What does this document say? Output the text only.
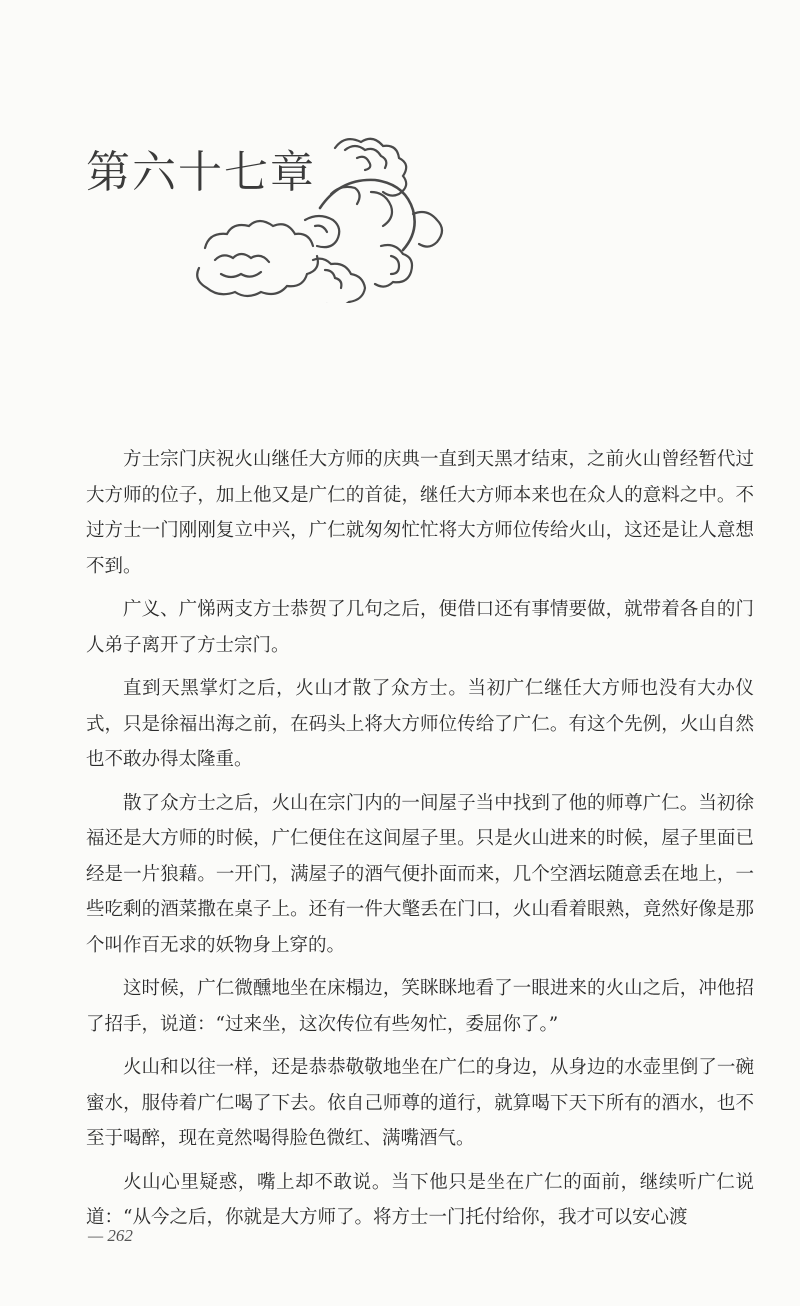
第六十七章

方士宗门庆祝火山继任大方师的庆典一直到天黑才结束，之前火山曾经暂代过大方师的位子，加上他又是广仁的首徒，继任大方师本来也在众人的意料之中。不过方士一门刚刚复立中兴，广仁就匆匆忙忙将大方师位传给火山，这还是让人意想不到。

广义、广悌两支方士恭贺了几句之后，便借口还有事情要做，就带着各自的门人弟子离开了方士宗门。

直到天黑掌灯之后，火山才散了众方士。当初广仁继任大方师也没有大办仪式，只是徐福出海之前，在码头上将大方师位传给了广仁。有这个先例，火山自然也不敢办得太隆重。

散了众方士之后，火山在宗门内的一间屋子当中找到了他的师尊广仁。当初徐福还是大方师的时候，广仁便住在这间屋子里。只是火山进来的时候，屋子里面已经是一片狼藉。一开门，满屋子的酒气便扑面而来，几个空酒坛随意丢在地上，一些吃剩的酒菜撒在桌子上。还有一件大氅丢在门口，火山看着眼熟，竟然好像是那个叫作百无求的妖物身上穿的。

这时候，广仁微醺地坐在床榻边，笑眯眯地看了一眼进来的火山之后，冲他招了招手，说道：“过来坐，这次传位有些匆忙，委屈你了。”

火山和以往一样，还是恭恭敬敬地坐在广仁的身边，从身边的水壶里倒了一碗蜜水，服侍着广仁喝了下去。依自己师尊的道行，就算喝下天下所有的酒水，也不至于喝醉，现在竟然喝得脸色微红、满嘴酒气。

火山心里疑惑，嘴上却不敢说。当下他只是坐在广仁的面前，继续听广仁说道：“从今之后，你就是大方师了。将方士一门托付给你，我才可以安心渡

— 262
